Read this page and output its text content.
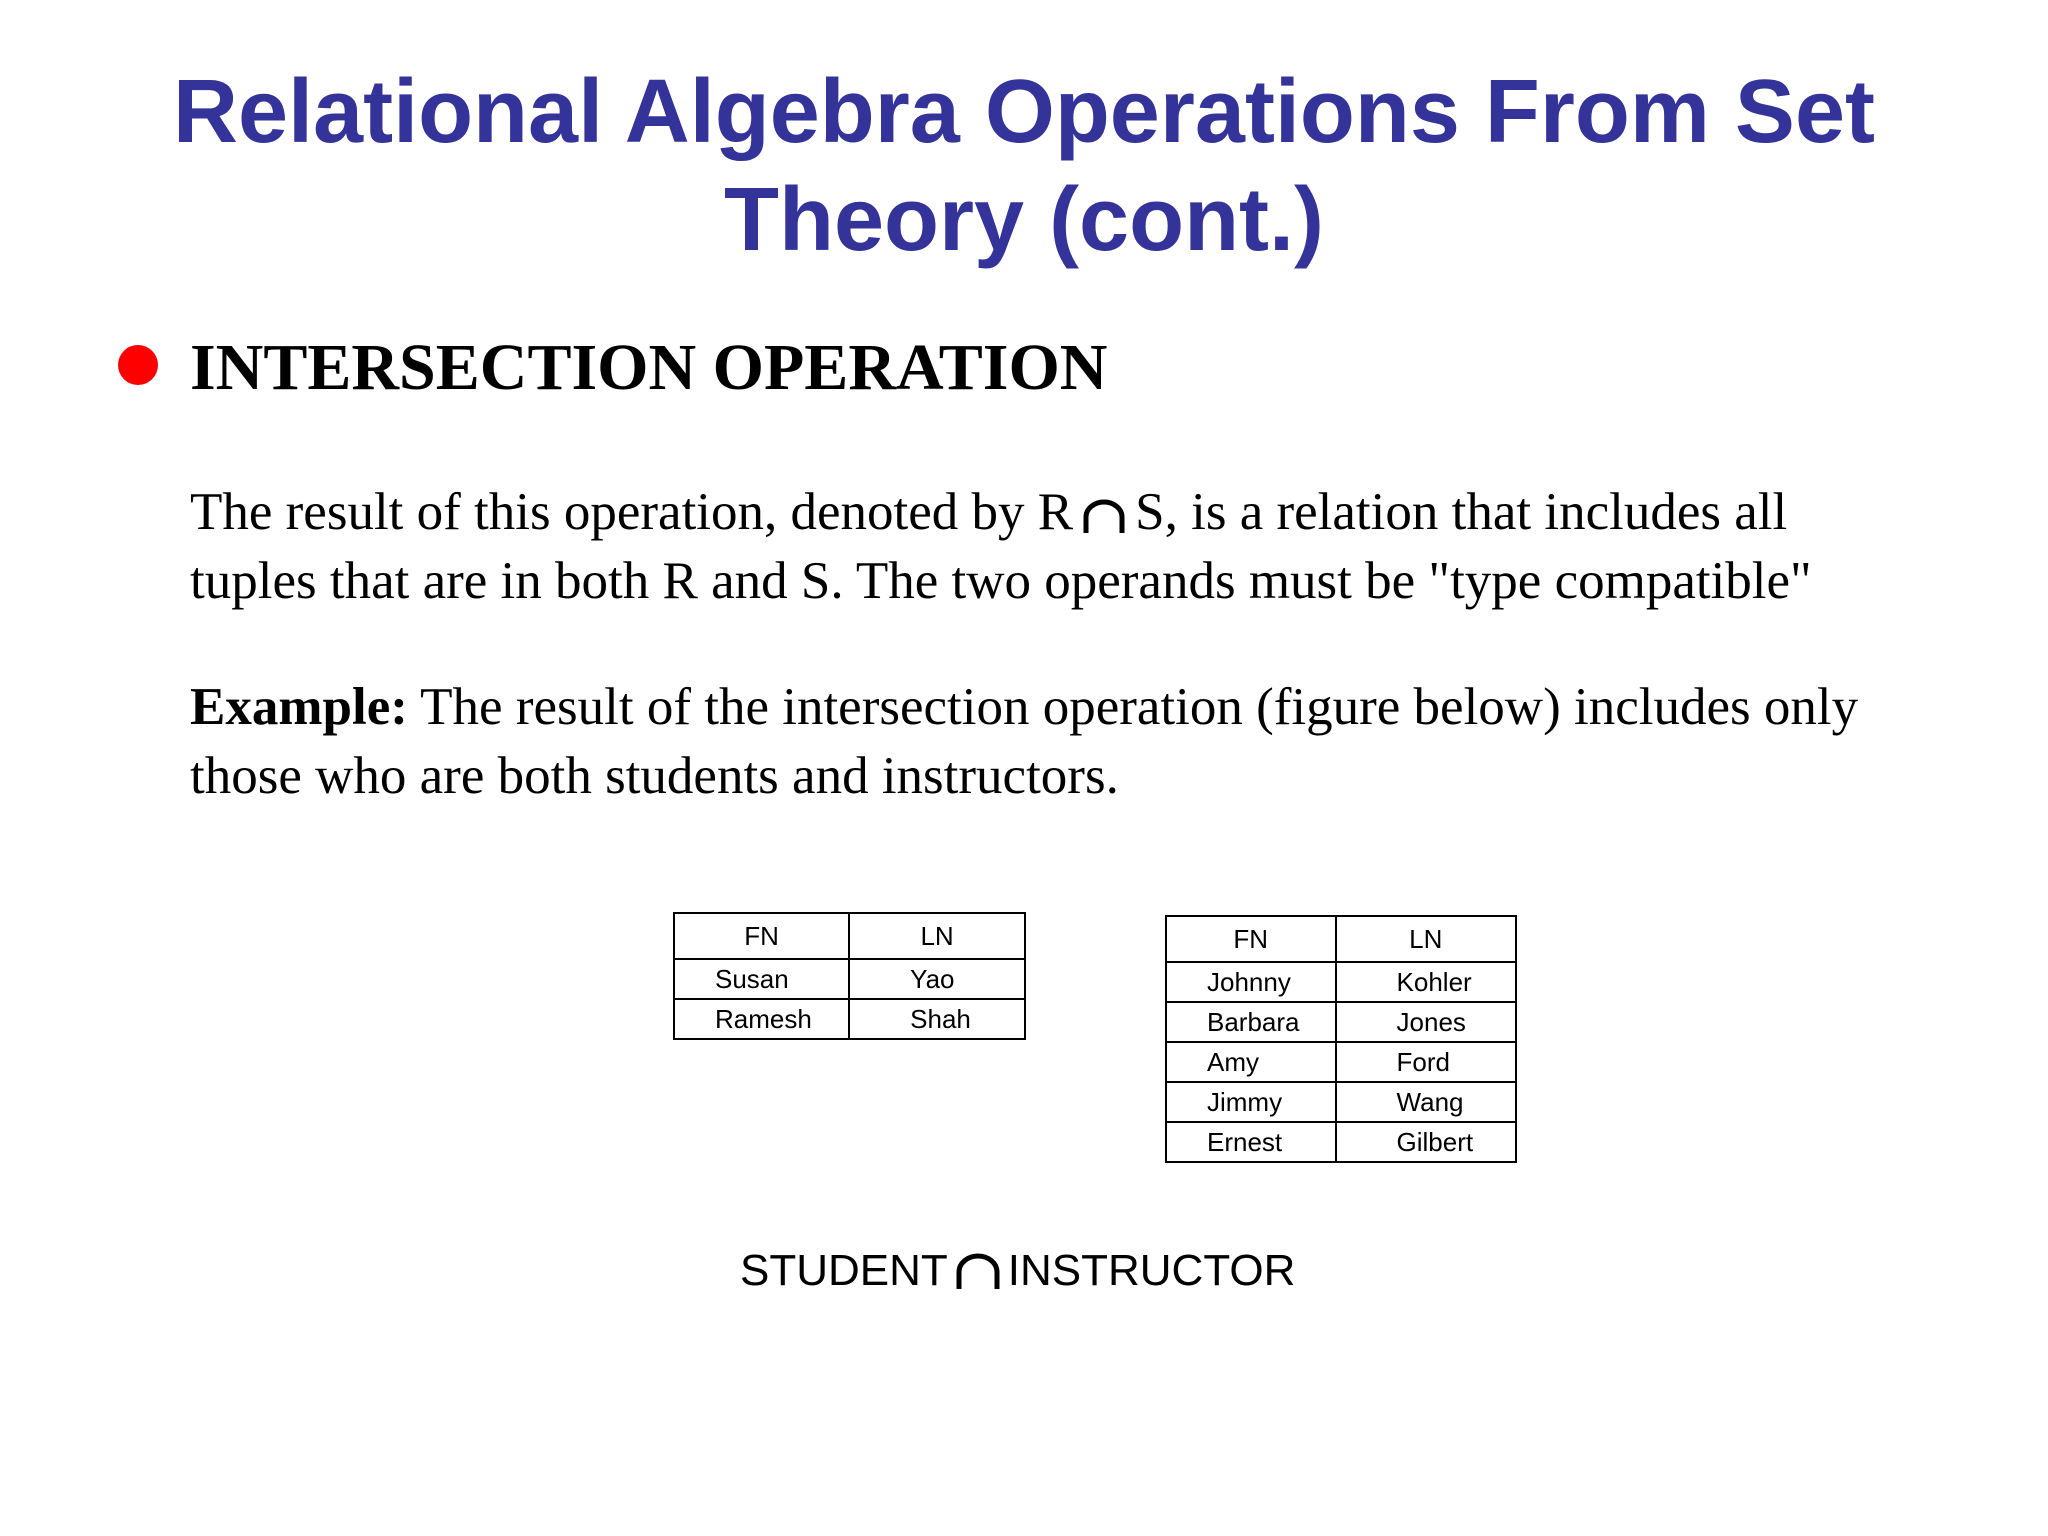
Relational Algebra Operations From Set
Theory (cont.)
INTERSECTION OPERATION
The result of this operation, denoted by R S, is a relation that includes all
tuples that are in both R and S. The two operands must be "type compatible"
Example: The result of the intersection operation (figure below) includes only
those who are both students and instructors.
FN	LN
Susan	Yao
Ramesh	Shah
FN	LN
Johnny	Kohler
Barbara	Jones
Amy	Ford
Jimmy	Wang
Ernest	Gilbert
STUDENT INSTRUCTOR
